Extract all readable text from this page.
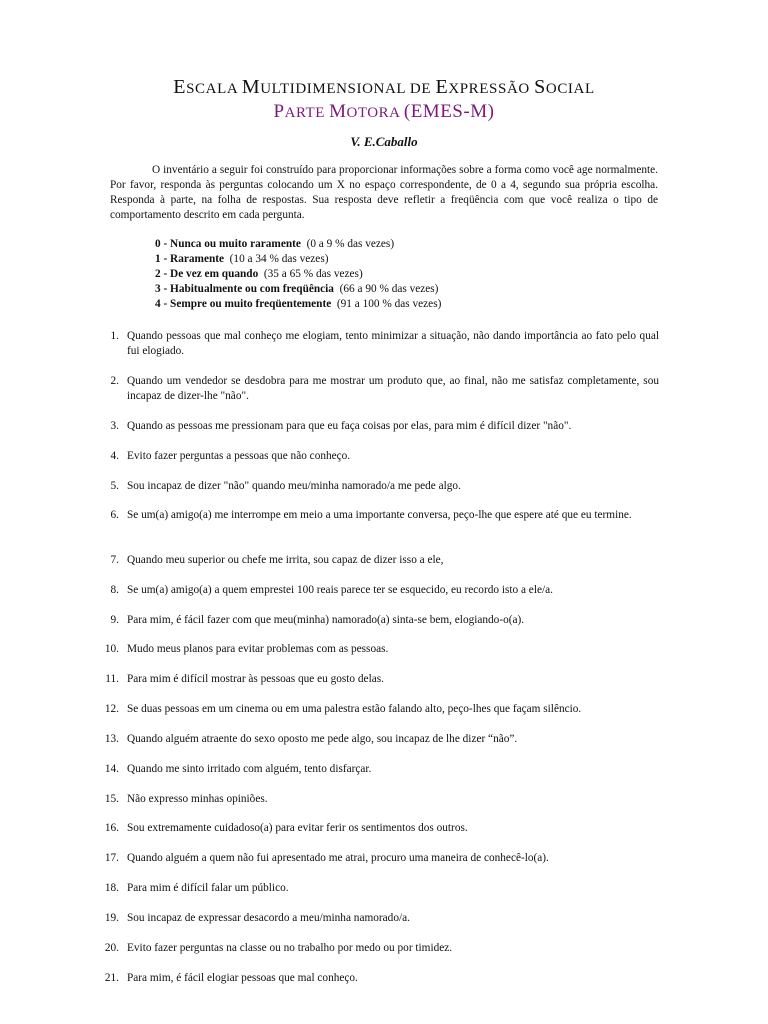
ESCALA MULTIDIMENSIONAL DE EXPRESSÃO SOCIAL
PARTE MOTORA (EMES-M)
V. E.Caballo

O inventário a seguir foi construído para proporcionar informações sobre a forma como você age normalmente. Por favor, responda às perguntas colocando um X no espaço correspondente, de 0 a 4, segundo sua própria escolha. Responda à parte, na folha de respostas. Sua resposta deve refletir a freqüência com que você realiza o tipo de comportamento descrito em cada pergunta.

0 - Nunca ou muito raramente (0 a 9 % das vezes)
1 - Raramente (10 a 34 % das vezes)
2 - De vez em quando (35 a 65 % das vezes)
3 - Habitualmente ou com freqüência (66 a 90 % das vezes)
4 - Sempre ou muito freqüentemente (91 a 100 % das vezes)
1. Quando pessoas que mal conheço me elogiam, tento minimizar a situação, não dando importância ao fato pelo qual fui elogiado.
2. Quando um vendedor se desdobra para me mostrar um produto que, ao final, não me satisfaz completamente, sou incapaz de dizer-lhe "não".
3. Quando as pessoas me pressionam para que eu faça coisas por elas, para mim é difícil dizer "não".
4. Evito fazer perguntas a pessoas que não conheço.
5. Sou incapaz de dizer "não" quando meu/minha namorado/a me pede algo.
6. Se um(a) amigo(a) me interrompe em meio a uma importante conversa, peço-lhe que espere até que eu termine.
7. Quando meu superior ou chefe me irrita, sou capaz de dizer isso a ele,
8. Se um(a) amigo(a) a quem emprestei 100 reais parece ter se esquecido, eu recordo isto a ele/a.
9. Para mim, é fácil fazer com que meu(minha) namorado(a) sinta-se bem, elogiando-o(a).
10. Mudo meus planos para evitar problemas com as pessoas.
11. Para mim é difícil mostrar às pessoas que eu gosto delas.
12. Se duas pessoas em um cinema ou em uma palestra estão falando alto, peço-lhes que façam silêncio.
13. Quando alguém atraente do sexo oposto me pede algo, sou incapaz de lhe dizer “não”.
14. Quando me sinto irritado com alguém, tento disfarçar.
15. Não expresso minhas opiniões.
16. Sou extremamente cuidadoso(a) para evitar ferir os sentimentos dos outros.
17. Quando alguém a quem não fui apresentado me atrai, procuro uma maneira de conhecê-lo(a).
18. Para mim é difícil falar um público.
19. Sou incapaz de expressar desacordo a meu/minha namorado/a.
20. Evito fazer perguntas na classe ou no trabalho por medo ou por timidez.
21. Para mim, é fácil elogiar pessoas que mal conheço.
